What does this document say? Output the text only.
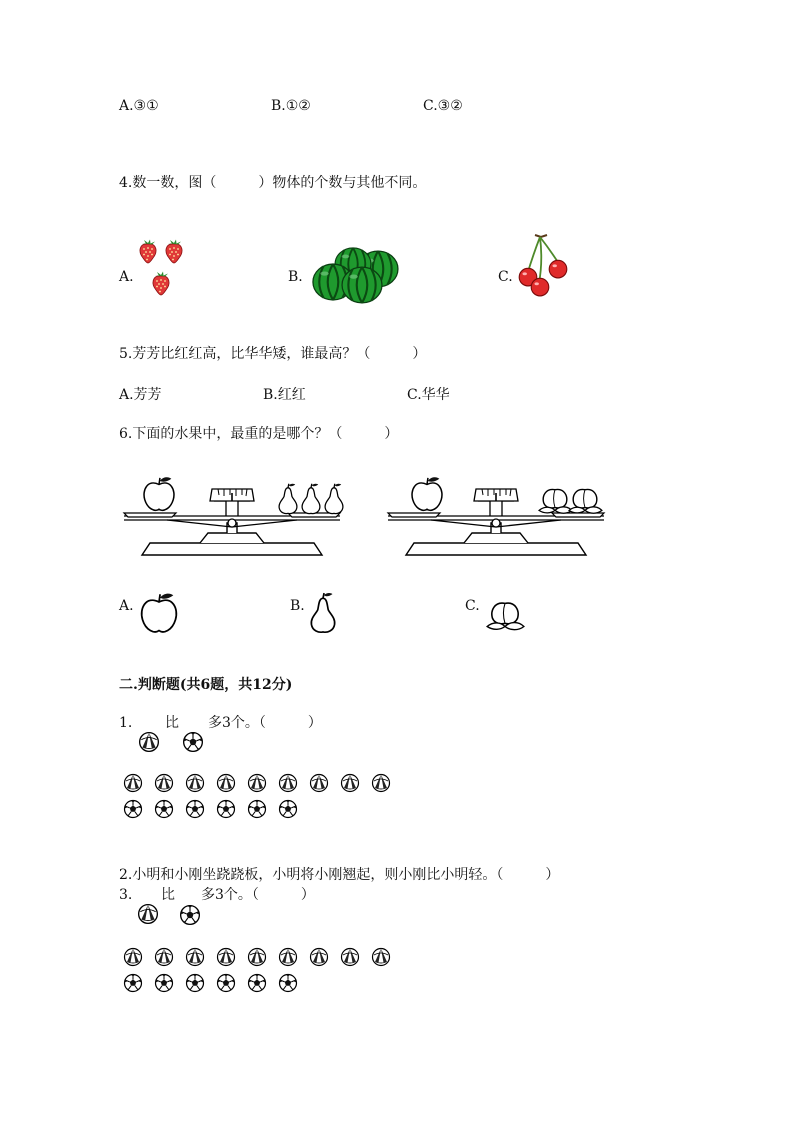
A.③①	B.①②	C.③②
4.数一数，图（　　　）物体的个数与其他不同。
A.	B.	C.
5.芳芳比红红高，比华华矮，谁最高？（　　　）
A.芳芳	B.红红	C.华华
6.下面的水果中，最重的是哪个？（　　　）
A.	B.	C.
二.判断题(共6题，共12分)
1. 比 多3个。（　　　）
2.小明和小刚坐跷跷板，小明将小刚翘起，则小刚比小明轻。（　　　）
3. 比 多3个。（　　　）
